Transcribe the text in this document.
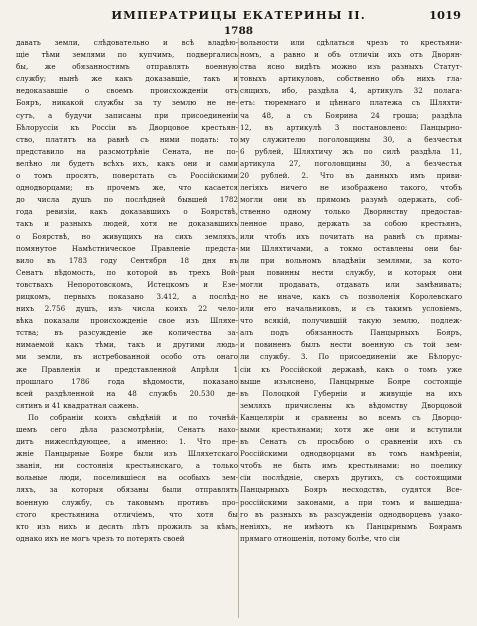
ИМПЕРАТРИЦЫ ЕКАТЕРИНЫ II.	1019
1788
давать земли, слѣдовательно и всѣ владѣю-
щіе тѣми землями по купчимъ, подвергались
бы, же обязанностямъ отправлять военную
службу; нынѣ же какъ доказавшіе, такъ и
недоказавшіе о своемъ происхожденіи отъ
Бояръ, никакой службы за ту землю не не-
сутъ, а будучи записаны при присоединеніи
Бѣлоруссіи къ Россіи въ Дворцовое крестьян-
ство, платятъ на равнѣ съ ними подать: то
представило на разсмотрѣніе Сената, не по-
велѣно ли будетъ всѣхъ ихъ, какъ они и сами
о томъ просятъ, поверстать съ Россійскими
однодворцами; въ прочемъ же, что касается
до числа душъ по послѣдней бывшей 1782
года ревизіи, какъ доказавшихъ о Боярствѣ,
такъ и разныхъ людей, хотя не доказавшихъ
о Боярствѣ, но живущихъ на сихъ земляхъ,
помянутое Намѣстническое Правленіе предста-
вило въ 1783 году Сентября 18 дня въ
Сенатъ вѣдомость, по которой въ трехъ Вой-
товствахъ Непоротовскомъ, Истецкомъ и Езе-
рицкомъ, первыхъ показано 3.412, а послѣд-
нихъ 2.756 душъ, изъ числа коихъ 22 чело-
вѣка показали происхожденіе свое изъ Шляхе-
тства; въ разсужденіе же количества за-
нимаемой какъ тѣми, такъ и другими людь-
ми земли, въ истребованной особо отъ онаго
же Правленія и представленной Апрѣля 1
прошлаго 1786 года вѣдомости, показано
всей раздѣленной на 48 службъ 20.530 де-
сятинъ и 41 квадратная сажень.
По собраніи коихъ свѣдѣній и по точнѣй-
шемъ сего дѣла разсмотрѣніи, Сенатъ нахо-
дитъ нижеслѣдующее, а именно: 1. Что пре-
жніе Панцырные Бояре были изъ Шляхетскаго
званія, ни состоянія крестьянскаго, а только
вольные люди, поселившіеся на особыхъ зем-
ляхъ, за которыя обязаны были отправлять
военную службу, съ таковымъ противъ про-
стого крестьянина отличіемъ, что хотя бы
кто изъ нихъ и десять лѣтъ прожилъ за кѣмъ,
однако ихъ не могъ чрезъ то потерять своей
вольности или сдѣлаться чрезъ то крестьяни-
номъ, а равно и объ отличіи ихъ отъ Дворян-
ства ясно видѣть можно изъ разныхъ Статут-
товыхъ артикуловъ, собственно объ нихъ гла-
сящихъ, ибо, раздѣла 4, артикулъ 32 полага-
етъ: тюремнаго и цѣннаго платежа съ Шляхти-
ча 48, а съ Боярина 24 гроша; раздѣла
12, въ артикулѣ 3 постановлено: Панцырно-
му служителю поголовщины 30, а безчестья
6 рублей, Шляхтичу жъ по силѣ раздѣла 11,
артикула 27, поголовщины 30, а безчестья
20 рублей. 2. Что въ данныхъ имъ приви-
легіяхъ ничего не изображено такого, чтобъ
могли они въ прямомъ разумѣ одержать, соб-
ственно одному только Дворянству предостав-
ленное право, держать за собою крестьянъ,
или чтобъ ихъ почитать на равнѣ съ прямы-
ми Шляхтичами, а токмо оставлены они бы-
ли при вольномъ владѣніи землями, за кото-
рыя повинны нести службу, и которыя они
могли продавать, отдавать или замѣнивать;
но не иначе, какъ съ позволенія Королевскаго
или его начальниковъ, и съ такимъ условіемъ,
что всякій, получившій такую землю, подлеж-
алъ подъ обязанность Панцырныхъ Бояръ,
и повиненъ былъ нести военную съ той зем-
ли службу. 3. По присоединеніи же Бѣлорус-
сіи къ Россійской державѣ, какъ о томъ уже
выше изъяснено, Панцырные Бояре состоящіе
въ Полоцкой Губерніи и живущіе на ихъ
земляхъ причислены къ вѣдомству Дворцовой
Канцеляріи и сравнены во всемъ съ Дворцо-
выми крестьянами; хотя же они и вступили
въ Сенатъ съ просьбою о сравненіи ихъ съ
Россійскими однодворцами въ томъ намѣреніи,
чтобъ не быть имъ крестьянами: но поелику
сіи послѣдніе, сверхъ другихъ, съ состоящими
Панцырныхъ Бояръ несходствъ, судятся Все-
россійскими законами, а при томъ и вышедша-
го въ разныхъ въ разсужденіи однодворцевъ узако-
неніяхъ, не имѣютъ къ Панцырнымъ Боярамъ
прямаго отношенія, потому болѣе, что сіи
